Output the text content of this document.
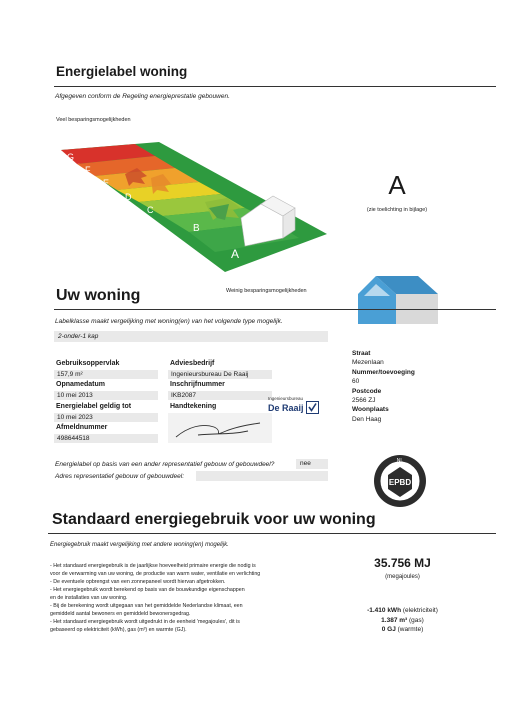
Energielabel woning
Afgegeven conform de Regeling energieprestatie gebouwen.
Veel besparingsmogelijkheden
G
F
E
D
C
B
A
Weinig besparingsmogelijkheden
A
(zie toelichting in bijlage)
Uw woning
Labelklasse maakt vergelijking met woning(en) van het volgende type mogelijk.
2-onder-1 kap
Gebruiksoppervlak
157,9 m²
Opnamedatum
10 mei 2013
Energielabel geldig tot
10 mei 2023
Afmeldnummer
498644518
Adviesbedrijf
Ingenieursbureau De Raaij
Inschrijfnummer
IKB2087
Handtekening
Ingenieursbureau
De Raaij
Straat
Mezenlaan
Nummer/toevoeging
60
Postcode
2566 ZJ
Woonplaats
Den Haag
Energielabel op basis van een ander representatief gebouw of gebouwdeel?	nee
Adres representatief gebouw of gebouwdeel:
EPBD
NL
Standaard energiegebruik voor uw woning
Energiegebruik maakt vergelijking met andere woning(en) mogelijk.
- Het standaard energiegebruik is de jaarlijkse hoeveelheid primaire energie die nodig is
voor de verwarming van uw woning, de productie van warm water, ventilatie en verlichting
- De eventuele opbrengst van een zonnepaneel wordt hiervan afgetrokken.
- Het energiegebruik wordt berekend op basis van de bouwkundige eigenschappen
en de installaties van uw woning.
- Bij de berekening wordt uitgegaan van het gemiddelde Nederlandse klimaat, een
gemiddeld aantal bewoners en gemiddeld bewonersgedrag.
- Het standaard energiegebruik wordt uitgedrukt in de eenheid 'megajoules', dit is
gebaseerd op elektriciteit (kWh), gas (m³) en warmte (GJ).
35.756 MJ
(megajoules)
-1.410 kWh (elektriciteit)
1.387 m³ (gas)
0 GJ (warmte)
